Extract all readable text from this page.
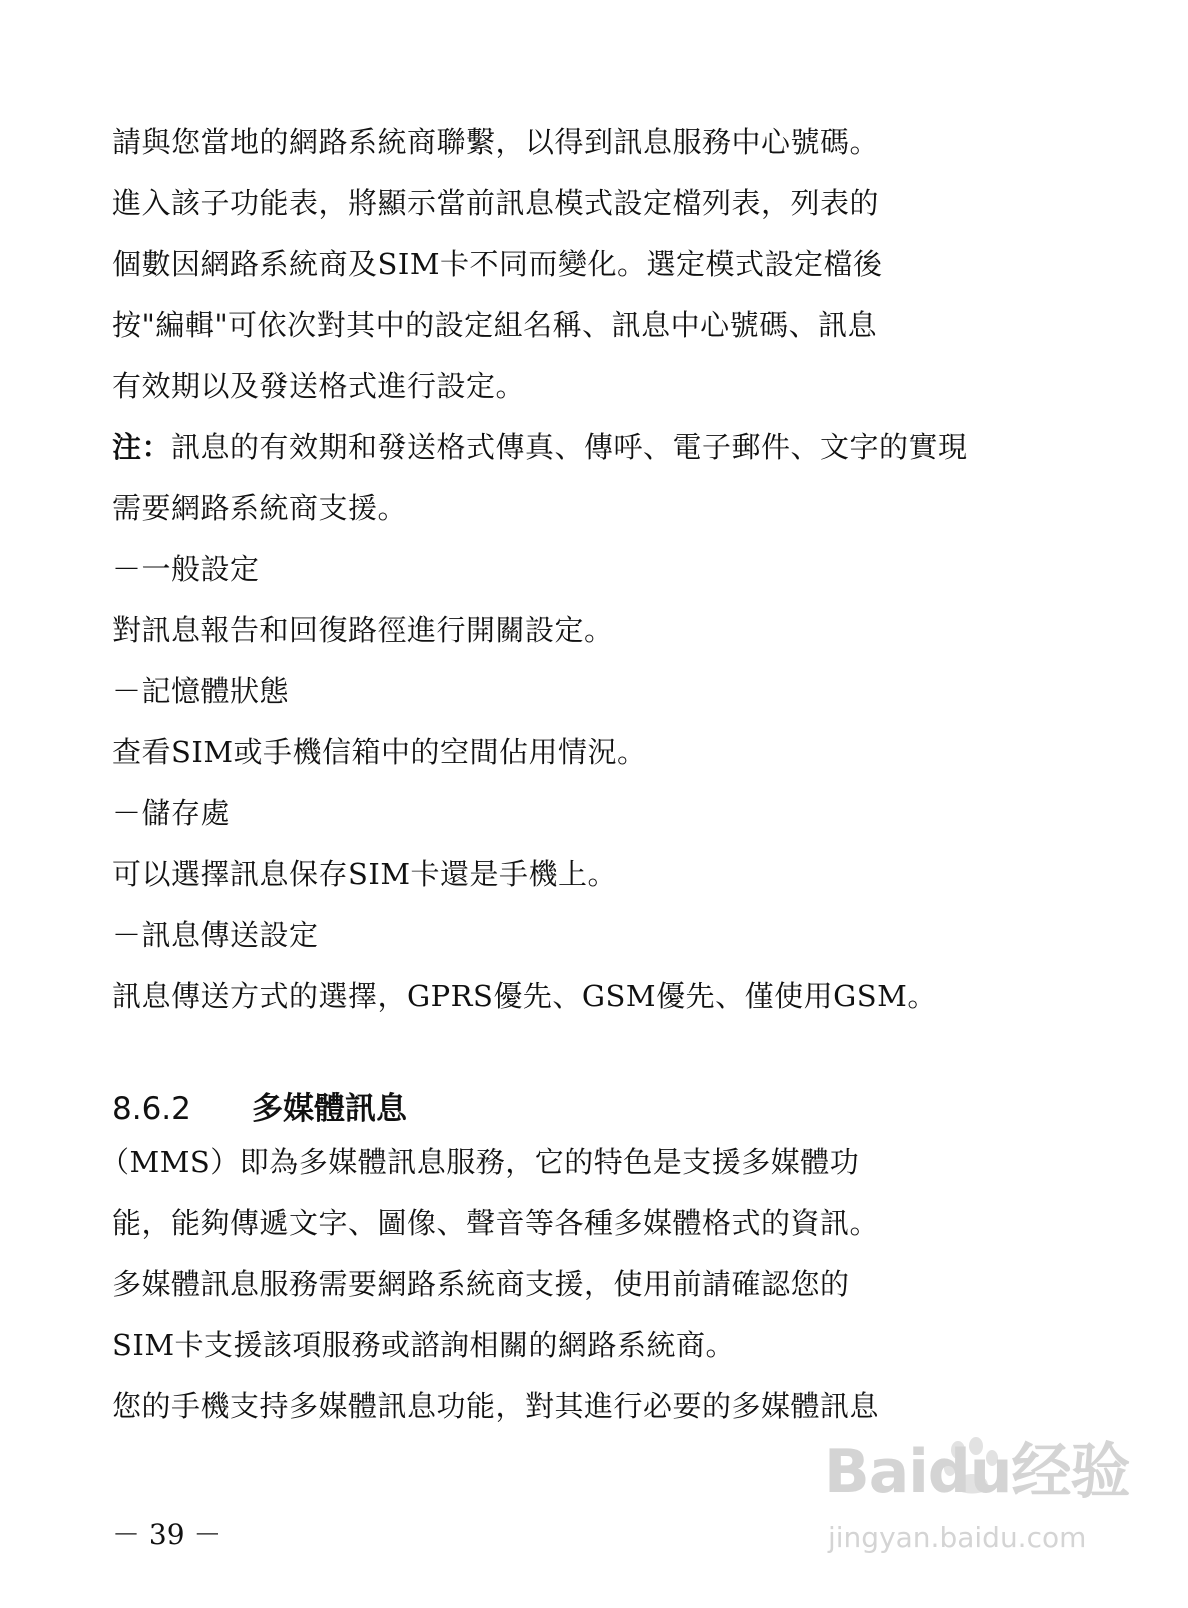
請與您當地的網路系統商聯繫，以得到訊息服務中心號碼。
進入該子功能表，將顯示當前訊息模式設定檔列表，列表的
個數因網路系統商及SIM卡不同而變化。選定模式設定檔後
按"編輯"可依次對其中的設定組名稱、訊息中心號碼、訊息
有效期以及發送格式進行設定。
注：訊息的有效期和發送格式傳真、傳呼、電子郵件、文字的實現
需要網路系統商支援。
－一般設定
對訊息報告和回復路徑進行開關設定。
－記憶體狀態
查看SIM或手機信箱中的空間佔用情況。
－儲存處
可以選擇訊息保存SIM卡還是手機上。
－訊息傳送設定
訊息傳送方式的選擇，GPRS優先、GSM優先、僅使用GSM。
8.6.2 多媒體訊息
（MMS）即為多媒體訊息服務，它的特色是支援多媒體功
能，能夠傳遞文字、圖像、聲音等各種多媒體格式的資訊。
多媒體訊息服務需要網路系統商支援，使用前請確認您的
SIM卡支援該項服務或諮詢相關的網路系統商。
您的手機支持多媒體訊息功能，對其進行必要的多媒體訊息
－ 39 －
Baidu经验
jingyan.baidu.com
